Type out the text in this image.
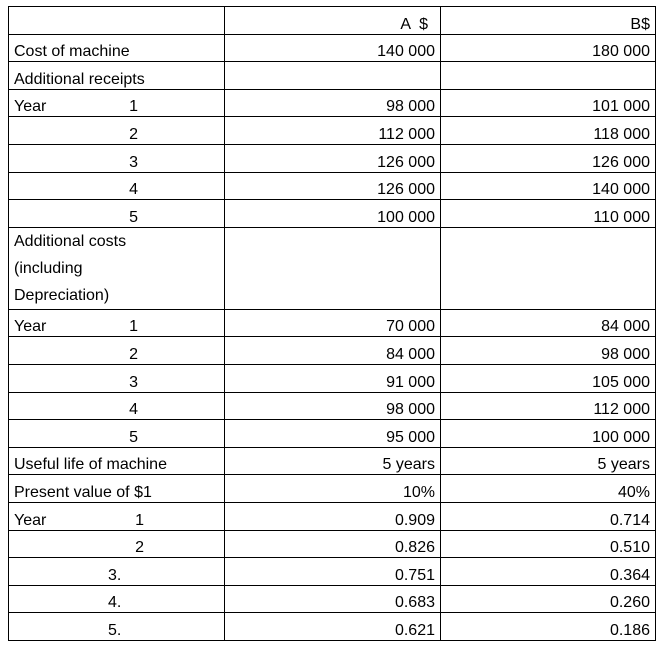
	A  $	B$
Cost of machine	140 000	180 000
Additional receipts		
Year 1	98 000	101 000
2	112 000	118 000
3	126 000	126 000
4	126 000	140 000
5	100 000	110 000

Additional costs
(including
Depreciation)		

Year 1	70 000	84 000
2	84 000	98 000
3	91 000	105 000
4	98 000	112 000
5	95 000	100 000
Useful life of machine	5 years	5 years
Present value of $1	10%	40%
Year 1	0.909	0.714
2	0.826	0.510
3.	0.751	0.364
4.	0.683	0.260
5.	0.621	0.186
